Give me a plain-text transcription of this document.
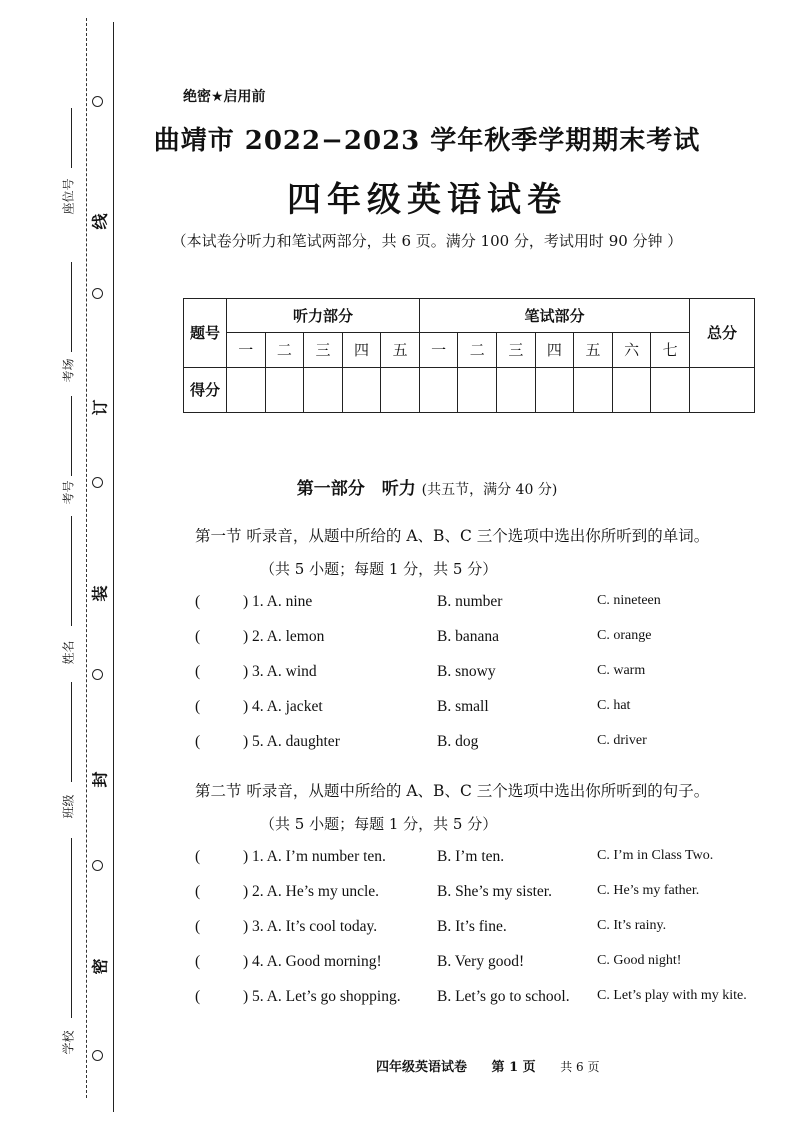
线
订
装
封
密
座位号
考场
考号
姓名
班级
学校
绝密★启用前
曲靖市 2022−2023 学年秋季学期期末考试
四年级英语试卷
（本试卷分听力和笔试两部分，共 6 页。满分 100 分，考试用时 90 分钟 ）
题号	听力部分					笔试部分							总分
	一	二	三	四	五	一	二	三	四	五	六	七	
得分													
第一部分　听力 (共五节，满分 40 分)
第一节 听录音，从题中所给的 A、B、C 三个选项中选出你所听到的单词。
（共 5 小题；每题 1 分，共 5 分）
(	) 1. A. nine	B. number	C. nineteen
(	) 2. A. lemon	B. banana	C. orange
(	) 3. A. wind	B. snowy	C. warm
(	) 4. A. jacket	B. small	C. hat
(	) 5. A. daughter	B. dog	C. driver
第二节 听录音，从题中所给的 A、B、C 三个选项中选出你所听到的句子。
（共 5 小题；每题 1 分，共 5 分）
(	) 1. A. I’m number ten.	B. I’m ten.	C. I’m in Class Two.
(	) 2. A. He’s my uncle.	B. She’s my sister.	C. He’s my father.
(	) 3. A. It’s cool today.	B. It’s fine.	C. It’s rainy.
(	) 4. A. Good morning!	B. Very good!	C. Good night!
(	) 5. A. Let’s go shopping. B. Let’s go to school. C. Let’s play with my kite.
四年级英语试卷 第 1 页 共 6 页
